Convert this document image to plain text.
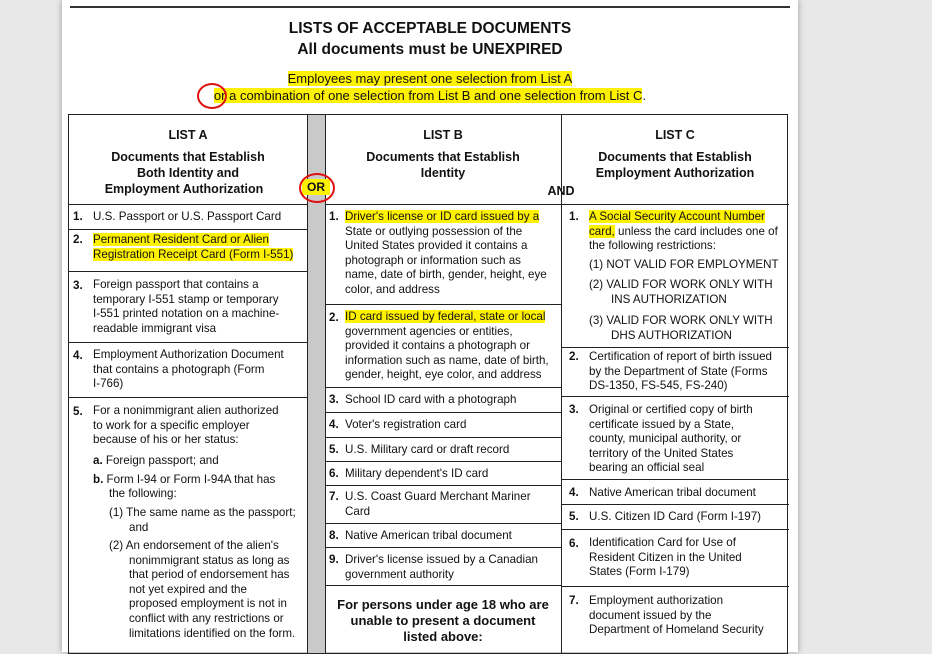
LISTS OF ACCEPTABLE DOCUMENTS
All documents must be UNEXPIRED
Employees may present one selection from List A
or a combination of one selection from List B and one selection from List C.
LIST A
Documents that Establish
Both Identity and
Employment Authorization	OR
LIST B
Documents that Establish
Identity
AND
LIST C
Documents that Establish
Employment Authorization
1. U.S. Passport or U.S. Passport Card
2. Permanent Resident Card or Alien
Registration Receipt Card (Form I-551)
3. Foreign passport that contains a
temporary I-551 stamp or temporary
I-551 printed notation on a machine-
readable immigrant visa
4. Employment Authorization Document
that contains a photograph (Form
I-766)
5. For a nonimmigrant alien authorized
to work for a specific employer
because of his or her status:
a. Foreign passport; and
b. Form I-94 or Form I-94A that has
the following:
(1) The same name as the passport;
and
(2) An endorsement of the alien's
nonimmigrant status as long as
that period of endorsement has
not yet expired and the
proposed employment is not in
conflict with any restrictions or
limitations identified on the form.
1. Driver's license or ID card issued by a
State or outlying possession of the
United States provided it contains a
photograph or information such as
name, date of birth, gender, height, eye
color, and address
2. ID card issued by federal, state or local
government agencies or entities,
provided it contains a photograph or
information such as name, date of birth,
gender, height, eye color, and address
3. School ID card with a photograph
4. Voter's registration card
5. U.S. Military card or draft record
6. Military dependent's ID card
7. U.S. Coast Guard Merchant Mariner
Card
8. Native American tribal document
9. Driver's license issued by a Canadian
government authority
For persons under age 18 who are
unable to present a document
listed above:
1. A Social Security Account Number
card, unless the card includes one of
the following restrictions:
(1) NOT VALID FOR EMPLOYMENT
(2) VALID FOR WORK ONLY WITH
INS AUTHORIZATION
(3) VALID FOR WORK ONLY WITH
DHS AUTHORIZATION
2. Certification of report of birth issued
by the Department of State (Forms
DS-1350, FS-545, FS-240)
3. Original or certified copy of birth
certificate issued by a State,
county, municipal authority, or
territory of the United States
bearing an official seal
4. Native American tribal document
5. U.S. Citizen ID Card (Form I-197)
6. Identification Card for Use of
Resident Citizen in the United
States (Form I-179)
7. Employment authorization
document issued by the
Department of Homeland Security
